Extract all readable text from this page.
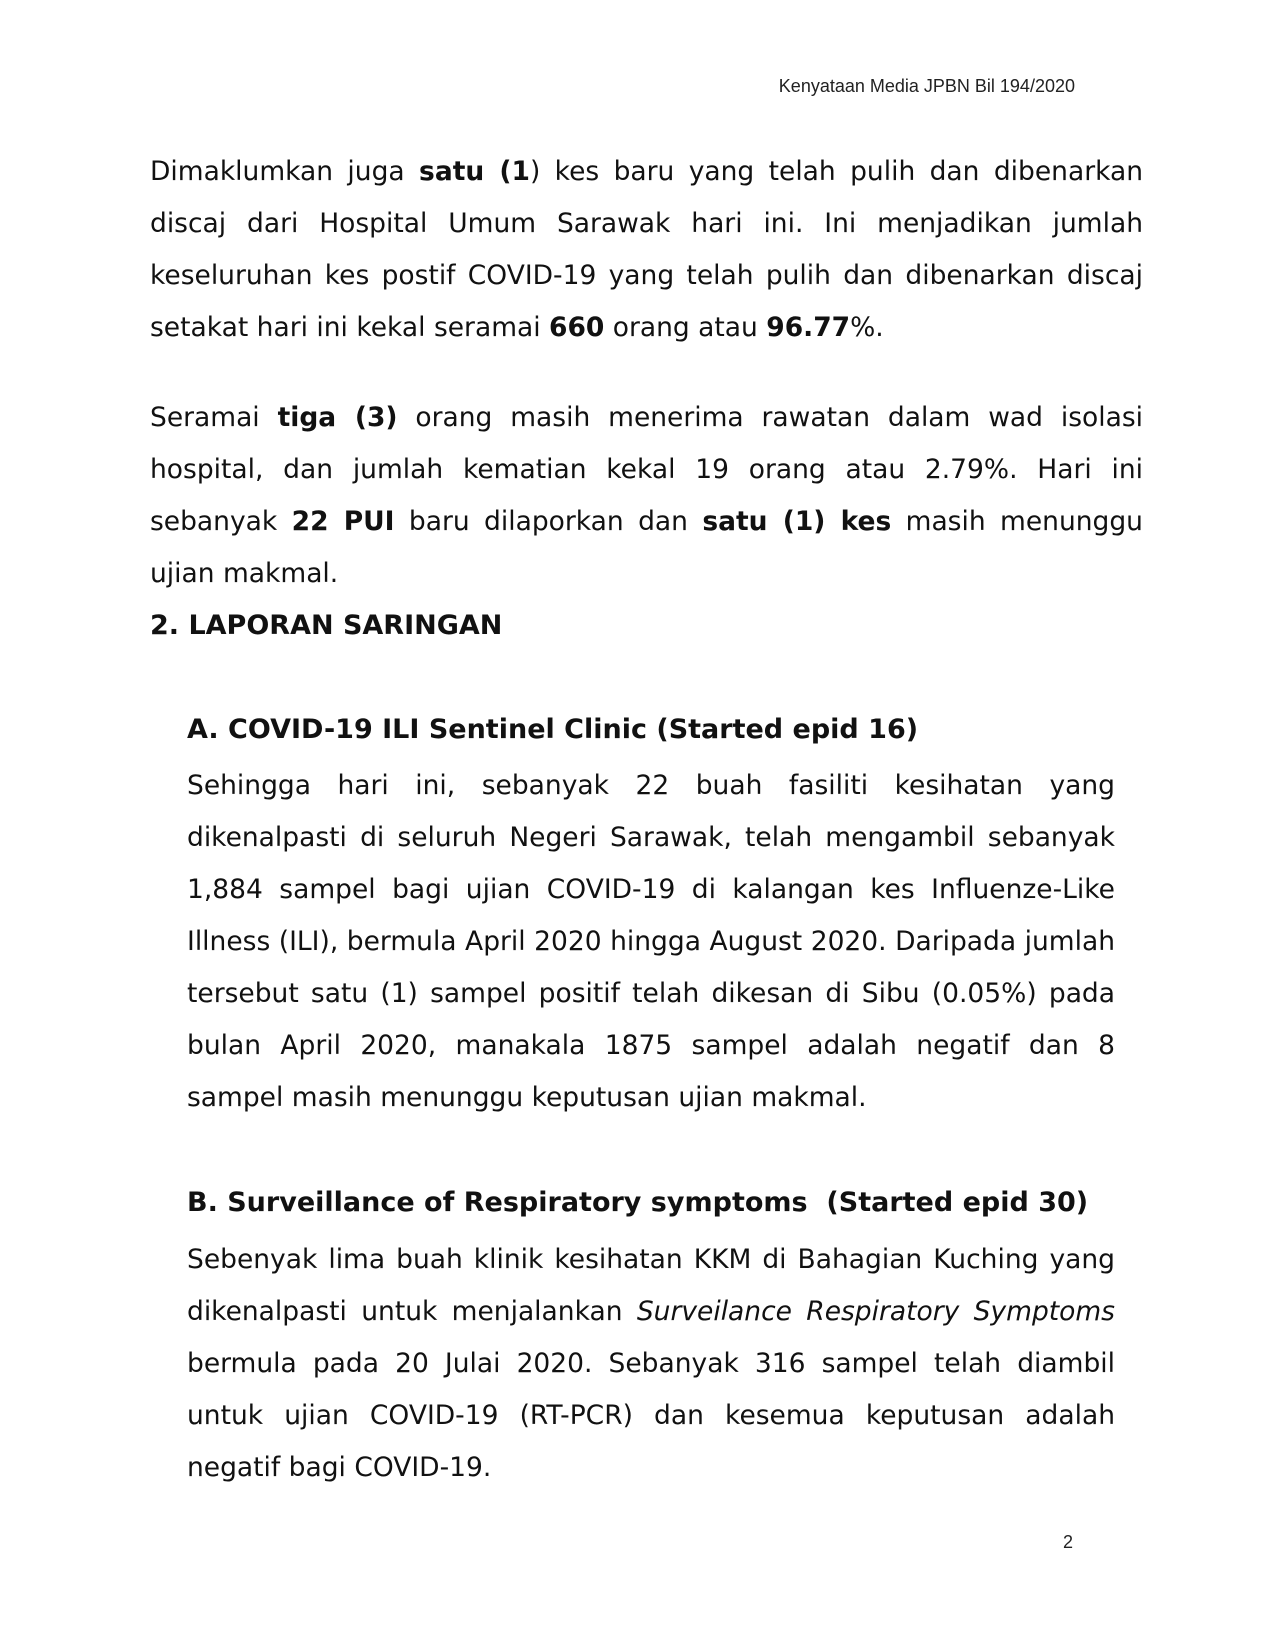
Kenyataan Media JPBN Bil 194/2020

Dimaklumkan juga satu (1) kes baru yang telah pulih dan dibenarkan discaj dari Hospital Umum Sarawak hari ini. Ini menjadikan jumlah keseluruhan kes postif COVID-19 yang telah pulih dan dibenarkan discaj setakat hari ini kekal seramai 660 orang atau 96.77%.

Seramai tiga (3) orang masih menerima rawatan dalam wad isolasi hospital, dan jumlah kematian kekal 19 orang atau 2.79%. Hari ini sebanyak 22 PUI baru dilaporkan dan satu (1) kes masih menunggu ujian makmal.

2. LAPORAN SARINGAN
A. COVID-19 ILI Sentinel Clinic (Started epid 16)

Sehingga hari ini, sebanyak 22 buah fasiliti kesihatan yang dikenalpasti di seluruh Negeri Sarawak, telah mengambil sebanyak 1,884 sampel bagi ujian COVID-19 di kalangan kes Influenze-Like Illness (ILI), bermula April 2020 hingga August 2020. Daripada jumlah tersebut satu (1) sampel positif telah dikesan di Sibu (0.05%) pada bulan April 2020, manakala 1875 sampel adalah negatif dan 8 sampel masih menunggu keputusan ujian makmal.

B. Surveillance of Respiratory symptoms  (Started epid 30)

Sebenyak lima buah klinik kesihatan KKM di Bahagian Kuching yang dikenalpasti untuk menjalankan Surveilance Respiratory Symptoms bermula pada 20 Julai 2020. Sebanyak 316 sampel telah diambil untuk ujian COVID-19 (RT-PCR) dan kesemua keputusan adalah negatif bagi COVID-19.

2
